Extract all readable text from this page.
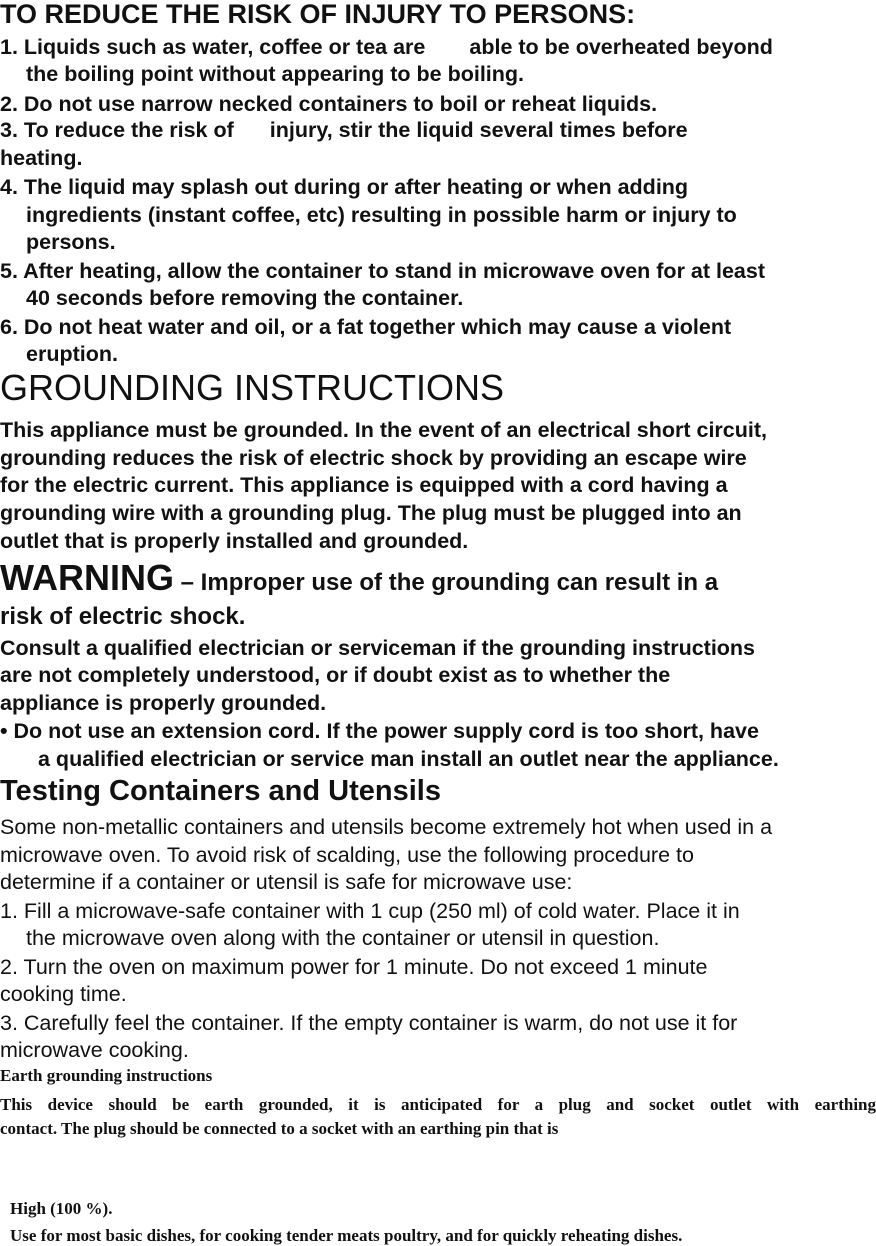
TO REDUCE THE RISK OF INJURY TO PERSONS:
1. Liquids such as water, coffee or tea are able to be overheated beyond
the boiling point without appearing to be boiling.
2. Do not use narrow necked containers to boil or reheat liquids.
3. To reduce the risk of injury, stir the liquid several times before
heating.
4. The liquid may splash out during or after heating or when adding
ingredients (instant coffee, etc) resulting in possible harm or injury to
persons.
5. After heating, allow the container to stand in microwave oven for at least
40 seconds before removing the container.
6. Do not heat water and oil, or a fat together which may cause a violent
eruption.
GROUNDING INSTRUCTIONS
This appliance must be grounded. In the event of an electrical short circuit,
grounding reduces the risk of electric shock by providing an escape wire
for the electric current. This appliance is equipped with a cord having a
grounding wire with a grounding plug. The plug must be plugged into an
outlet that is properly installed and grounded.
WARNING – Improper use of the grounding can result in a
risk of electric shock.
Consult a qualified electrician or serviceman if the grounding instructions
are not completely understood, or if doubt exist as to whether the
appliance is properly grounded.
• Do not use an extension cord. If the power supply cord is too short, have
a qualified electrician or service man install an outlet near the appliance.
Testing Containers and Utensils
Some non-metallic containers and utensils become extremely hot when used in a
microwave oven. To avoid risk of scalding, use the following procedure to
determine if a container or utensil is safe for microwave use:
1. Fill a microwave-safe container with 1 cup (250 ml) of cold water. Place it in
the microwave oven along with the container or utensil in question.
2. Turn the oven on maximum power for 1 minute. Do not exceed 1 minute
cooking time.
3. Carefully feel the container. If the empty container is warm, do not use it for
microwave cooking.
Earth grounding instructions
This device should be earth grounded, it is anticipated for a plug and socket outlet with earthing
contact. The plug should be connected to a socket with an earthing pin that is
High (100 %).
Use for most basic dishes, for cooking tender meats poultry, and for quickly reheating dishes.
